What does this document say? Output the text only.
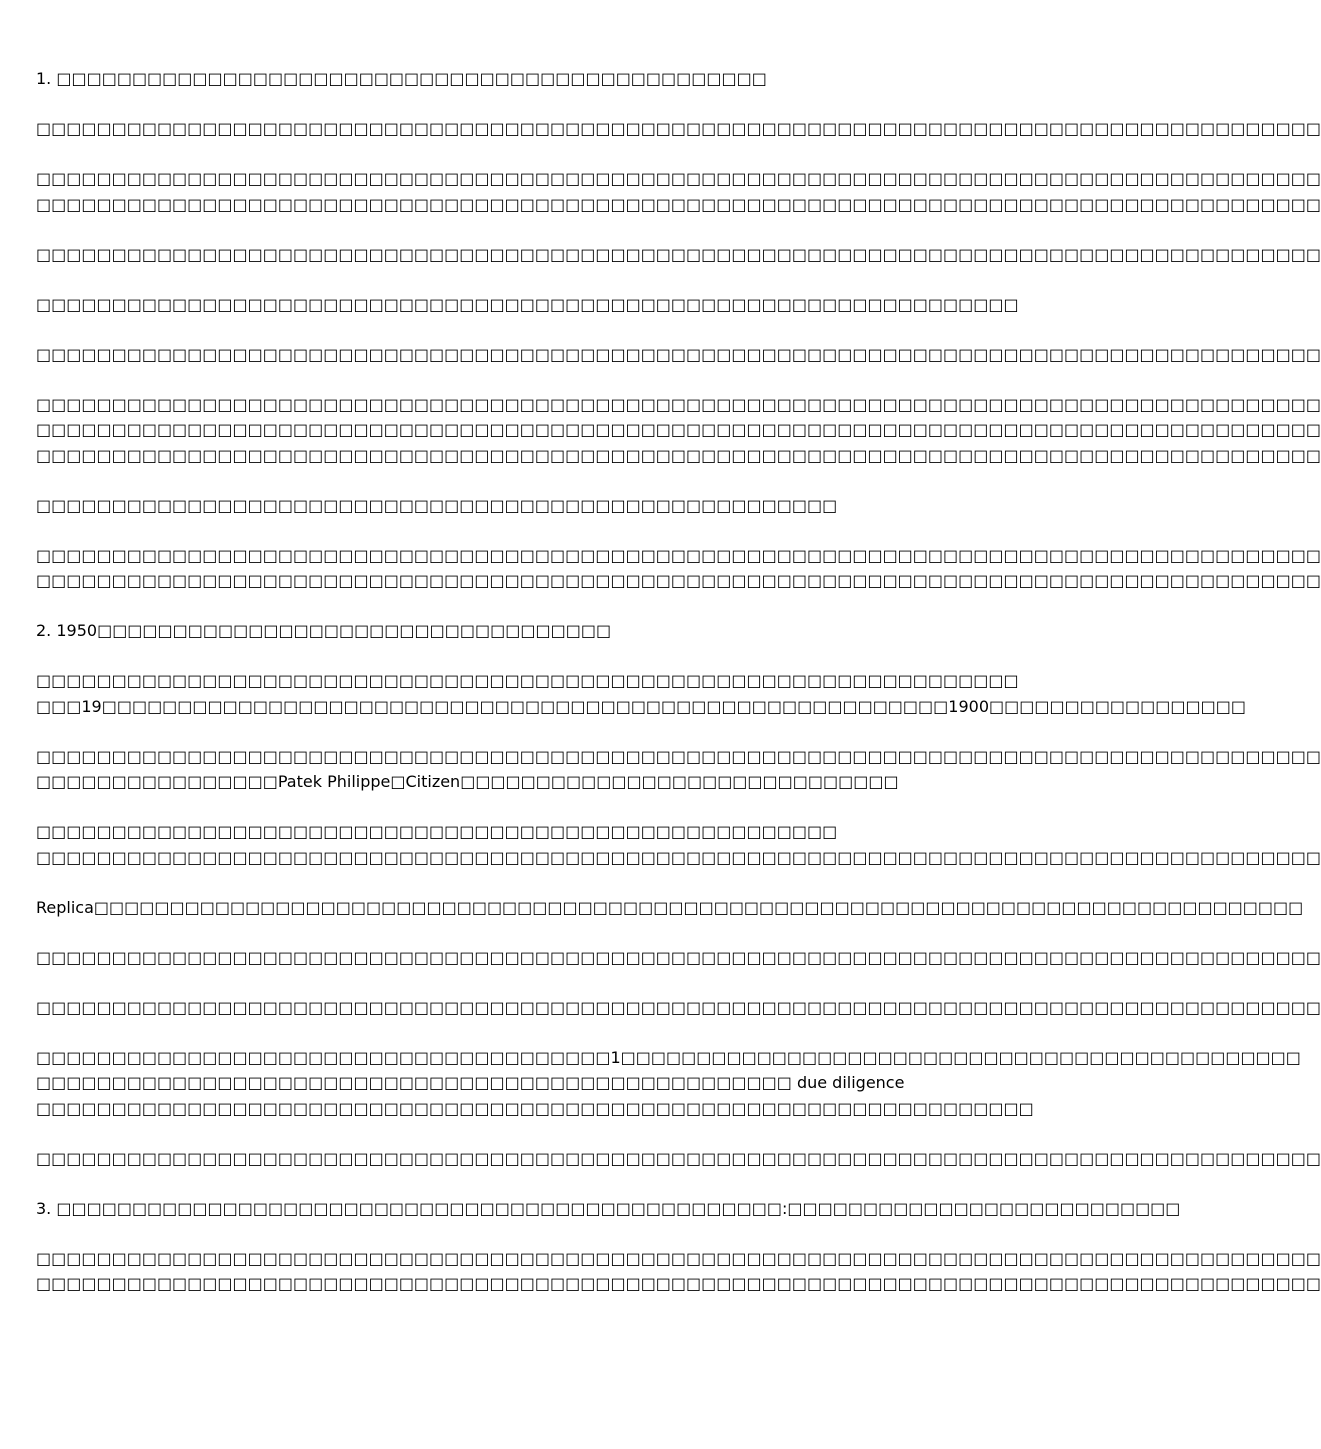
1. □□□□□□□□□□□□□□□□□□□□□□□□□□□□□□□□□□□□□□□□□□□□□□□
□□□□□□□□□□□□□□□□□□□□□□□□□□□□□□□□□□□□□□□□□□□□□□□□□□□□□□□□□□□□□□□□□□□□□□□□□□□□□□□□□□□□□
□□□□□□□□□□□□□□□□□□□□□□□□□□□□□□□□□□□□□□□□□□□□□□□□□□□□□□□□□□□□□□□□□□□□□□□□□□□□□□□□□□□□□
□□□□□□□□□□□□□□□□□□□□□□□□□□□□□□□□□□□□□□□□□□□□□□□□□□□□□□□□□□□□□□□□□□□□□□□□□□□□□□□□□□□□□
□□□□□□□□□□□□□□□□□□□□□□□□□□□□□□□□□□□□□□□□□□□□□□□□□□□□□□□□□□□□□□□□□□□□□□□□□□□□□□□□□□□□□
□□□□□□□□□□□□□□□□□□□□□□□□□□□□□□□□□□□□□□□□□□□□□□□□□□□□□□□□□□□□□□□□□
□□□□□□□□□□□□□□□□□□□□□□□□□□□□□□□□□□□□□□□□□□□□□□□□□□□□□□□□□□□□□□□□□□□□□□□□□□□□□□□□□□□□□
□□□□□□□□□□□□□□□□□□□□□□□□□□□□□□□□□□□□□□□□□□□□□□□□□□□□□□□□□□□□□□□□□□□□□□□□□□□□□□□□□□□□□
□□□□□□□□□□□□□□□□□□□□□□□□□□□□□□□□□□□□□□□□□□□□□□□□□□□□□□□□□□□□□□□□□□□□□□□□□□□□□□□□□□□□□
□□□□□□□□□□□□□□□□□□□□□□□□□□□□□□□□□□□□□□□□□□□□□□□□□□□□□□□□□□□□□□□□□□□□□□□□□□□□□□□□□□□□□
□□□□□□□□□□□□□□□□□□□□□□□□□□□□□□□□□□□□□□□□□□□□□□□□□□□□□
□□□□□□□□□□□□□□□□□□□□□□□□□□□□□□□□□□□□□□□□□□□□□□□□□□□□□□□□□□□□□□□□□□□□□□□□□□□□□□□□□□□□□
□□□□□□□□□□□□□□□□□□□□□□□□□□□□□□□□□□□□□□□□□□□□□□□□□□□□□□□□□□□□□□□□□□□□□□□□□□□□□□□□□□□□□
2. 1950□□□□□□□□□□□□□□□□□□□□□□□□□□□□□□□□□□
□□□□□□□□□□□□□□□□□□□□□□□□□□□□□□□□□□□□□□□□□□□□□□□□□□□□□□□□□□□□□□□□□
□□□19□□□□□□□□□□□□□□□□□□□□□□□□□□□□□□□□□□□□□□□□□□□□□□□□□□□□□□□□1900□□□□□□□□□□□□□□□□□
□□□□□□□□□□□□□□□□□□□□□□□□□□□□□□□□□□□□□□□□□□□□□□□□□□□□□□□□□□□□□□□□□□□□□□□□□□□□□□□□□□□□□
□□□□□□□□□□□□□□□□Patek Philippe□Citizen□□□□□□□□□□□□□□□□□□□□□□□□□□□□□
□□□□□□□□□□□□□□□□□□□□□□□□□□□□□□□□□□□□□□□□□□□□□□□□□□□□□
□□□□□□□□□□□□□□□□□□□□□□□□□□□□□□□□□□□□□□□□□□□□□□□□□□□□□□□□□□□□□□□□□□□□□□□□□□□□□□□□□□□□□
Replica□□□□□□□□□□□□□□□□□□□□□□□□□□□□□□□□□□□□□□□□□□□□□□□□□□□□□□□□□□□□□□□□□□□□□□□□□□□□□□□□
□□□□□□□□□□□□□□□□□□□□□□□□□□□□□□□□□□□□□□□□□□□□□□□□□□□□□□□□□□□□□□□□□□□□□□□□□□□□□□□□□□□□□
□□□□□□□□□□□□□□□□□□□□□□□□□□□□□□□□□□□□□□□□□□□□□□□□□□□□□□□□□□□□□□□□□□□□□□□□□□□□□□□□□□□□□
□□□□□□□□□□□□□□□□□□□□□□□□□□□□□□□□□□□□□□1□□□□□□□□□□□□□□□□□□□□□□□□□□□□□□□□□□□□□□□□□□□□□
□□□□□□□□□□□□□□□□□□□□□□□□□□□□□□□□□□□□□□□□□□□□□□□□□□ due diligence
□□□□□□□□□□□□□□□□□□□□□□□□□□□□□□□□□□□□□□□□□□□□□□□□□□□□□□□□□□□□□□□□□□
□□□□□□□□□□□□□□□□□□□□□□□□□□□□□□□□□□□□□□□□□□□□□□□□□□□□□□□□□□□□□□□□□□□□□□□□□□□□□□□□□□□□□
3. □□□□□□□□□□□□□□□□□□□□□□□□□□□□□□□□□□□□□□□□□□□□□□□□:□□□□□□□□□□□□□□□□□□□□□□□□□□
□□□□□□□□□□□□□□□□□□□□□□□□□□□□□□□□□□□□□□□□□□□□□□□□□□□□□□□□□□□□□□□□□□□□□□□□□□□□□□□□□□□□□
□□□□□□□□□□□□□□□□□□□□□□□□□□□□□□□□□□□□□□□□□□□□□□□□□□□□□□□□□□□□□□□□□□□□□□□□□□□□□□□□□□□□□
